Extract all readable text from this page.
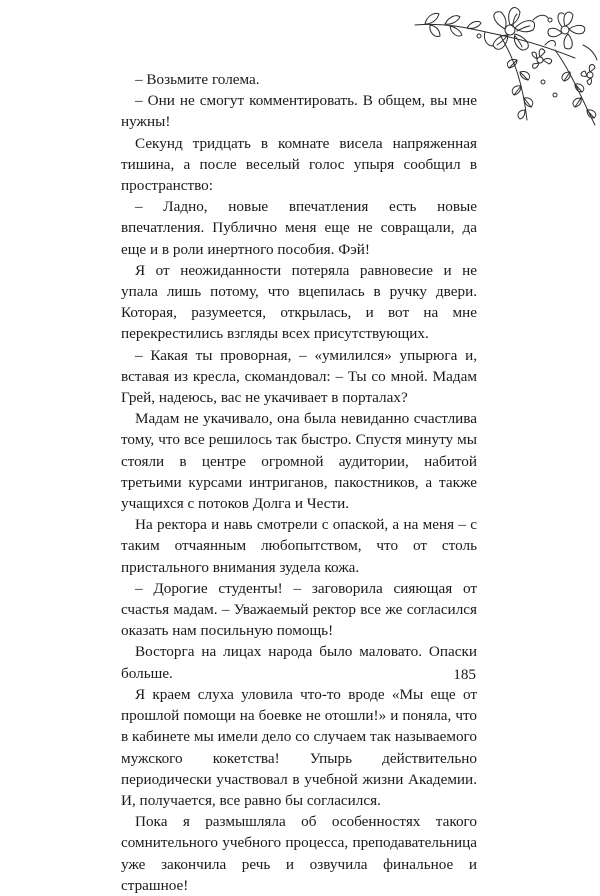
– Возьмите голема.

– Они не смогут комментировать. В общем, вы мне нужны!

Секунд тридцать в комнате висела напряженная тишина, а после веселый голос упыря сообщил в пространство:

– Ладно, новые впечатления есть новые впечатления. Публично меня еще не совращали, да еще и в роли инертного пособия. Фэй!

Я от неожиданности потеряла равновесие и не упала лишь потому, что вцепилась в ручку двери. Которая, разумеется, открылась, и вот на мне перекрестились взгляды всех присутствующих.

– Какая ты проворная, – «умилился» упырюга и, вставая из кресла, скомандовал: – Ты со мной. Мадам Грей, надеюсь, вас не укачивает в порталах?

Мадам не укачивало, она была невиданно счастлива тому, что все решилось так быстро. Спустя минуту мы стояли в центре огромной аудитории, набитой третьими курсами интриганов, пакостников, а также учащихся с потоков Долга и Чести.

На ректора и навь смотрели с опаской, а на меня – с таким отчаянным любопытством, что от столь пристального внимания зудела кожа.

– Дорогие студенты! – заговорила сияющая от счастья мадам. – Уважаемый ректор все же согласился оказать нам посильную помощь!

Восторга на лицах народа было маловато. Опаски больше.

Я краем слуха уловила что-то вроде «Мы еще от прошлой помощи на боевке не отошли!» и поняла, что в кабинете мы имели дело со случаем так называемого мужского кокетства! Упырь действительно периодически участвовал в учебной жизни Академии. И, получается, все равно бы согласился.

Пока я размышляла об особенностях такого сомнительного учебного процесса, преподавательница уже закончила речь и озвучила финальное и страшное!

185
